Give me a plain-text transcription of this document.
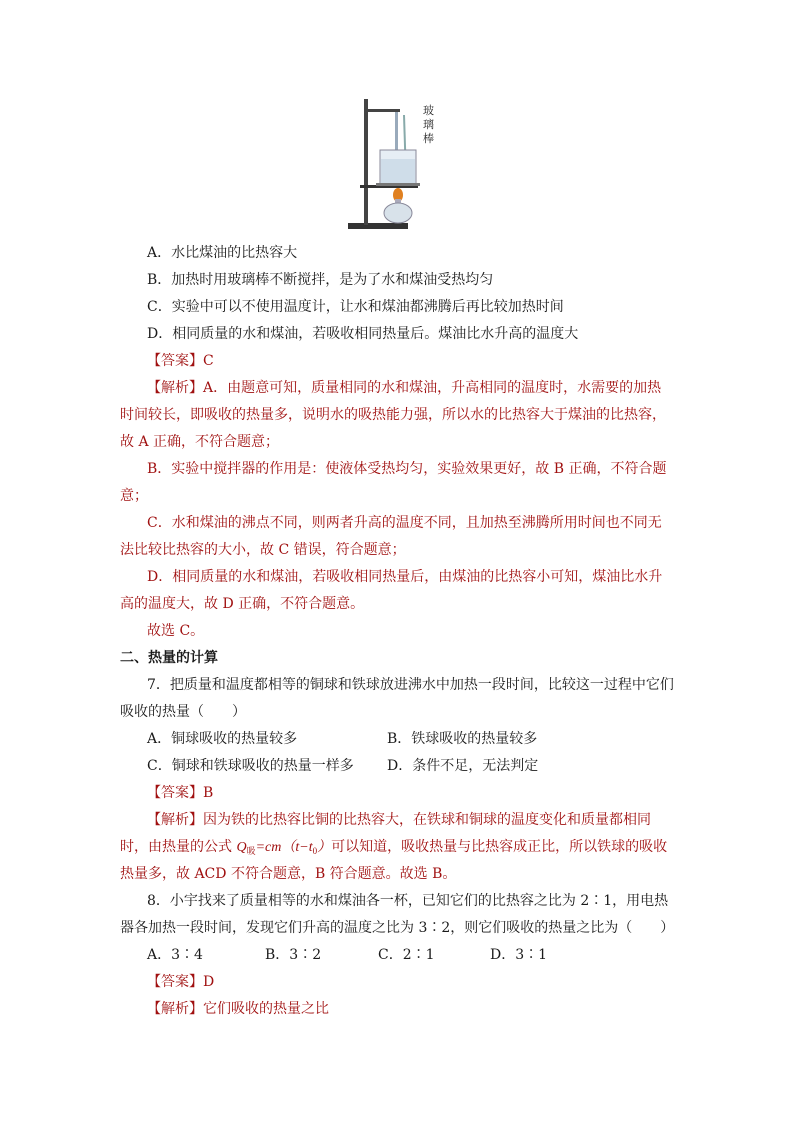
玻璃棒
A．水比煤油的比热容大
B．加热时用玻璃棒不断搅拌，是为了水和煤油受热均匀
C．实验中可以不使用温度计，让水和煤油都沸腾后再比较加热时间
D．相同质量的水和煤油，若吸收相同热量后。煤油比水升高的温度大
【答案】C
【解析】A．由题意可知，质量相同的水和煤油，升高相同的温度时，水需要的加热
时间较长，即吸收的热量多，说明水的吸热能力强，所以水的比热容大于煤油的比热容，
故 A 正确，不符合题意；
B．实验中搅拌器的作用是：使液体受热均匀，实验效果更好，故 B 正确，不符合题
意；
C．水和煤油的沸点不同，则两者升高的温度不同，且加热至沸腾所用时间也不同无
法比较比热容的大小，故 C 错误，符合题意；
D．相同质量的水和煤油，若吸收相同热量后，由煤油的比热容小可知，煤油比水升
高的温度大，故 D 正确，不符合题意。
故选 C。
二、热量的计算
7．把质量和温度都相等的铜球和铁球放进沸水中加热一段时间，比较这一过程中它们
吸收的热量（　　）
A．铜球吸收的热量较多	B．铁球吸收的热量较多
C．铜球和铁球吸收的热量一样多 D．条件不足，无法判定
【答案】B
【解析】因为铁的比热容比铜的比热容大，在铁球和铜球的温度变化和质量都相同
时，由热量的公式 $Q_吸=cm(t-t_0)$可以知道，吸收热量与比热容成正比，所以铁球的吸收
热量多，故 ACD 不符合题意，B 符合题意。故选 B。
8．小宇找来了质量相等的水和煤油各一杯，已知它们的比热容之比为 2∶1，用电热
器各加热一段时间，发现它们升高的温度之比为 3∶2，则它们吸收的热量之比为（　　）
A．3∶4	B．3∶2	C．2∶1	D．3∶1
【答案】D
【解析】它们吸收的热量之比
